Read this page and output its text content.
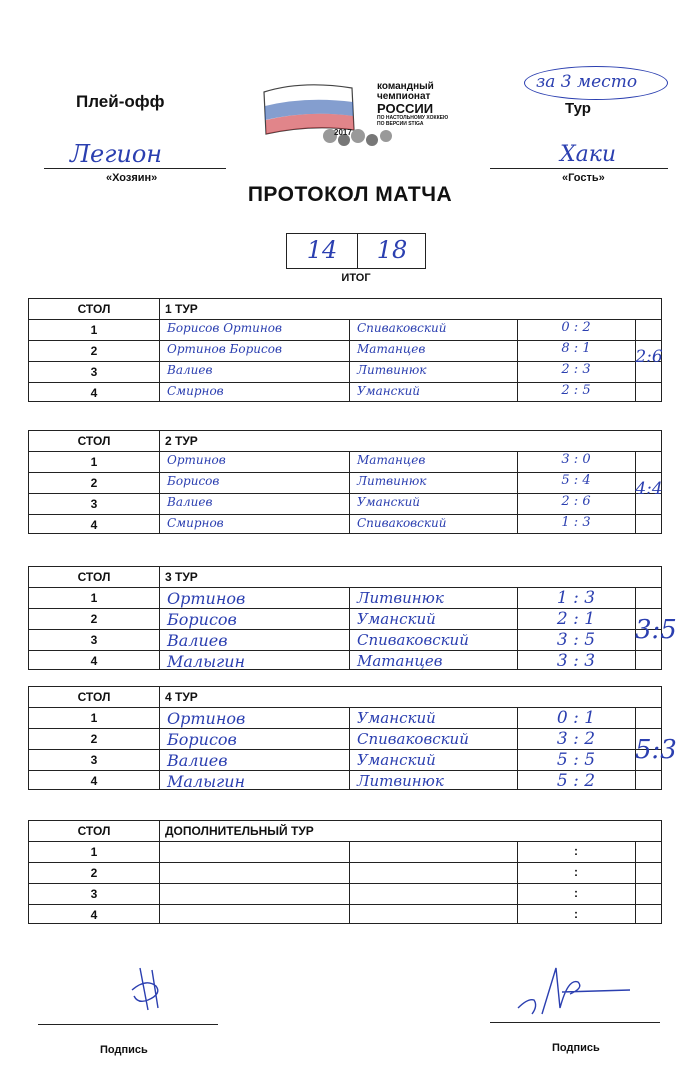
Плей-офф
командный
чемпионат
РОССИИ
ПО НАСТОЛЬНОМУ ХОККЕЮ
ПО ВЕРСИИ STIGA
2017
за 3 место
Тур
Легион
«Хозяин»
Хаки
«Гость»
ПРОТОКОЛ МАТЧА
14	18
ИТОГ
СТОЛ	1 ТУР
1	Борисов Ортинов	Спиваковский	0 : 2
2	Ортинов Борисов	Матанцев	8 : 1
3	Валиев	Литвинюк	2 : 3
4	Смирнов	Уманский	2 : 5
2:6
СТОЛ	2 ТУР
1	Ортинов	Матанцев	3 : 0
2	Борисов	Литвинюк	5 : 4
3	Валиев	Уманский	2 : 6
4	Смирнов	Спиваковский	1 : 3
4:4
СТОЛ	3 ТУР
1	Ортинов	Литвинюк	1 : 3
2	Борисов	Уманский	2 : 1
3	Валиев	Спиваковский	3 : 5
4	Малыгин	Матанцев	3 : 3
3:5
СТОЛ	4 ТУР
1	Ортинов	Уманский	0 : 1
2	Борисов	Спиваковский	3 : 2
3	Валиев	Уманский	5 : 5
4	Малыгин	Литвинюк	5 : 2
5:3
СТОЛ	ДОПОЛНИТЕЛЬНЫЙ ТУР
1	:
2	:
3	:
4	:
Подпись	Подпись
